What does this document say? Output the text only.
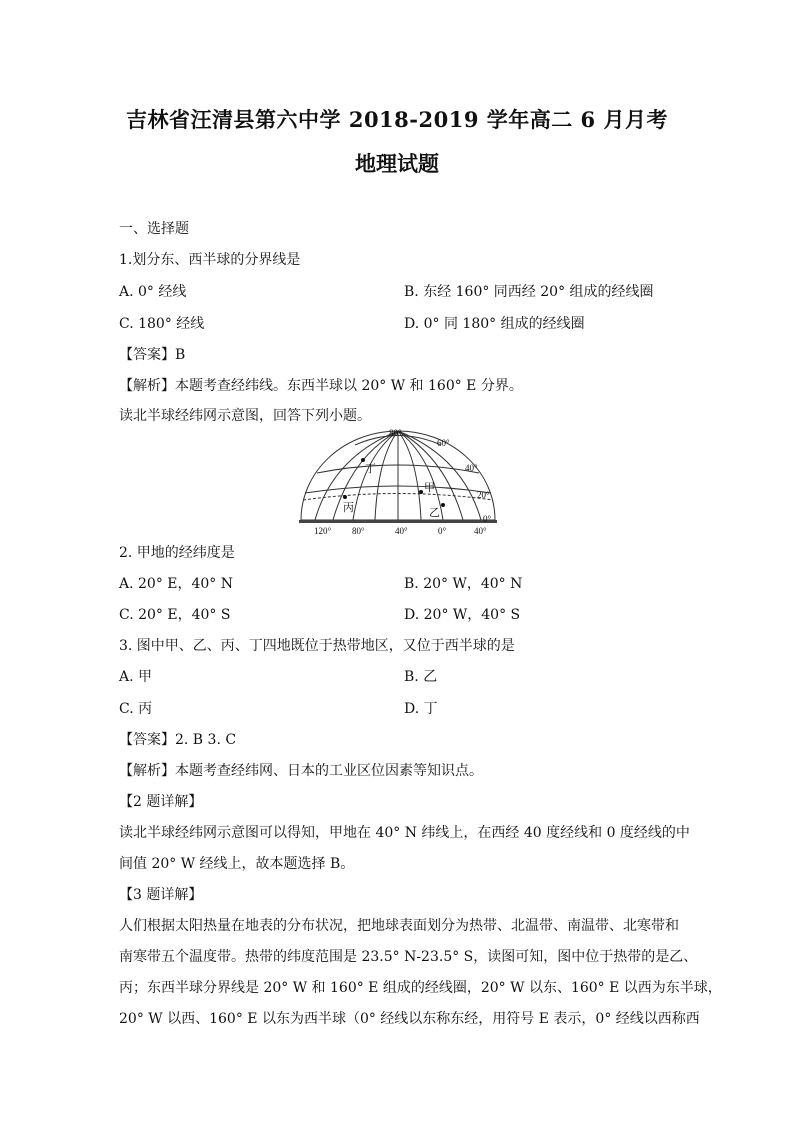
吉林省汪清县第六中学 2018-2019 学年高二 6 月月考
地理试题
一、选择题
1.划分东、西半球的分界线是
A. 0° 经线	B. 东经 160° 同西经 20° 组成的经线圈
C. 180° 经线	D. 0° 同 180° 组成的经线圈
【答案】B
【解析】本题考查经纬线。东西半球以 20° W 和 160° E 分界。
读北半球经纬网示意图，回答下列小题。
80°
60°
40°
20°
0°
120° 80°	40°	0°	40°
丁
甲
丙	乙
2. 甲地的经纬度是
A. 20° E，40° N	B. 20° W，40° N
C. 20° E，40° S	D. 20° W，40° S
3. 图中甲、乙、丙、丁四地既位于热带地区，又位于西半球的是
A. 甲	B. 乙
C. 丙	D. 丁
【答案】2. B 3. C
【解析】本题考查经纬网、日本的工业区位因素等知识点。
【2 题详解】
读北半球经纬网示意图可以得知，甲地在 40° N 纬线上，在西经 40 度经线和 0 度经线的中
间值 20° W 经线上，故本题选择 B。
【3 题详解】
人们根据太阳热量在地表的分布状况，把地球表面划分为热带、北温带、南温带、北寒带和
南寒带五个温度带。热带的纬度范围是 23.5° N-23.5° S，读图可知，图中位于热带的是乙、
丙；东西半球分界线是 20° W 和 160° E 组成的经线圈，20° W 以东、160° E 以西为东半球，
20° W 以西、160° E 以东为西半球（0° 经线以东称东经，用符号 E 表示，0° 经线以西称西
